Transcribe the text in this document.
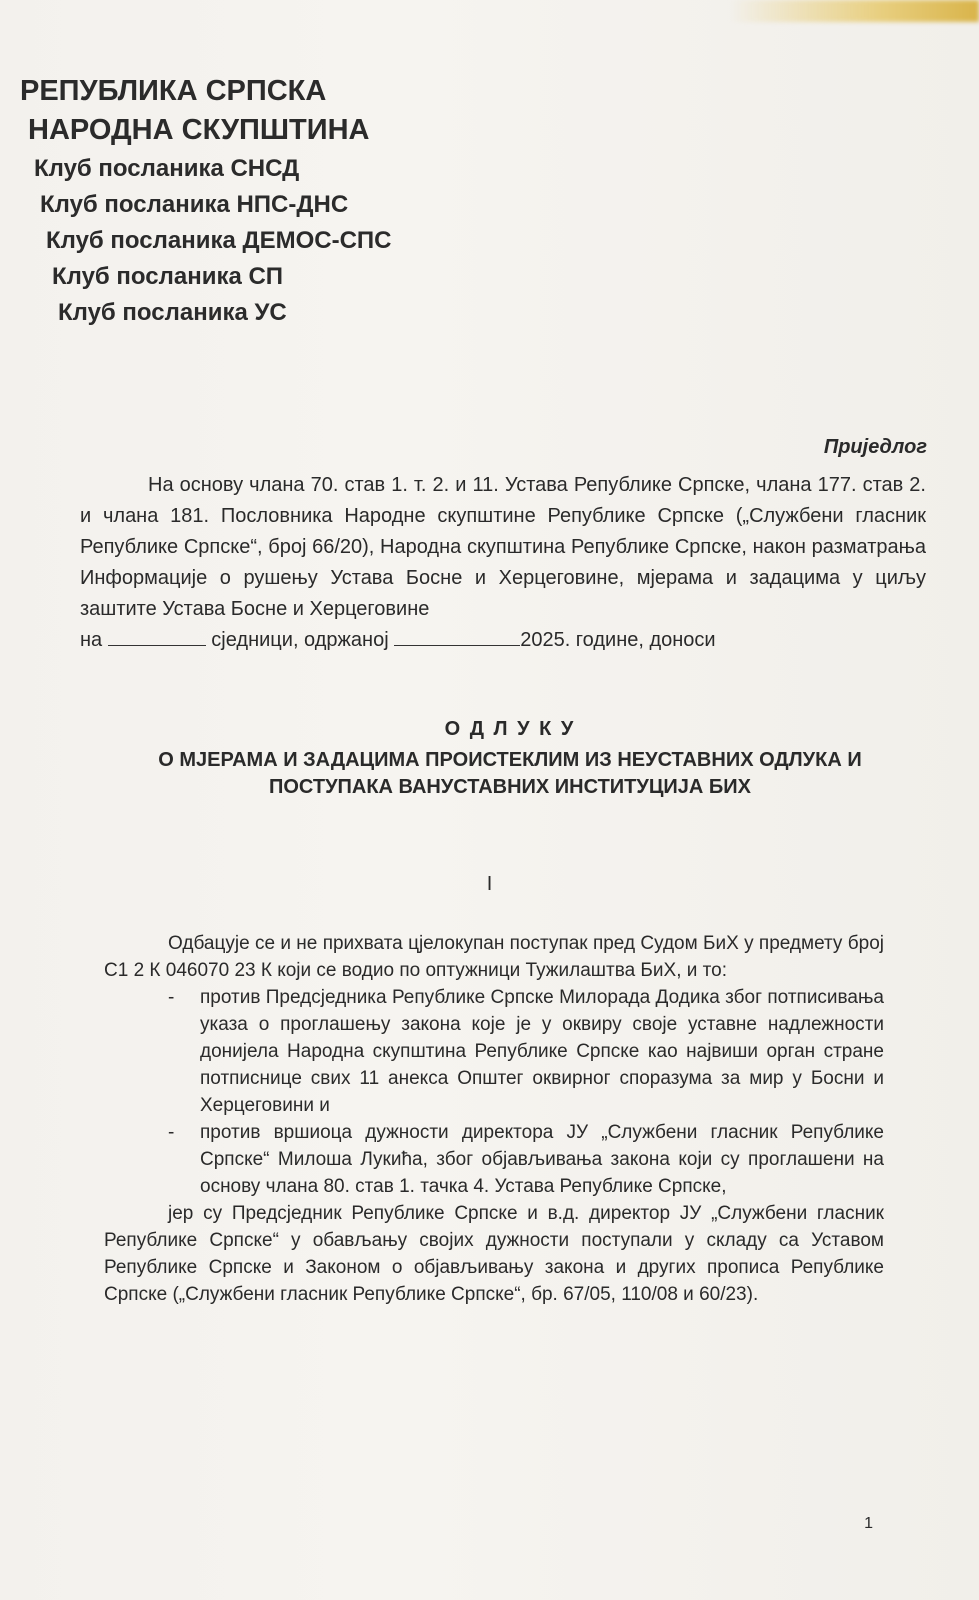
РЕПУБЛИКА СРПСКА
НАРОДНА СКУПШТИНА
Клуб посланика СНСД
Клуб посланика НПС-ДНС
Клуб посланика ДЕМОС-СПС
Клуб посланика СП
Клуб посланика УС
Приједлог

На основу члана 70. став 1. т. 2. и 11. Устава Републике Српске, члана 177. став 2. и члана 181. Пословника Народне скупштине Републике Српске („Службени гласник Републике Српске“, број 66/20), Народна скупштина Републике Српске, након разматрања Информације о рушењу Устава Босне и Херцеговине, мјерама и задацима у циљу заштите Устава Босне и Херцеговине

на	сједници, одржаној	2025. године, доноси

О Д Л У К У
О МЈЕРАМА И ЗАДАЦИМА ПРОИСТЕКЛИМ ИЗ НЕУСТАВНИХ ОДЛУКА И
ПОСТУПАКА ВАНУСТАВНИХ ИНСТИТУЦИЈА БИХ
I

Одбацује се и не прихвата цјелокупан поступак пред Судом БиХ у предмету број С1 2 К 046070 23 К који се водио по оптужници Тужилаштва БиХ, и то:

- против Предсједника Републике Српске Милорада Додика због потписивања указа о проглашењу закона које је у оквиру своје уставне надлежности донијела Народна скупштина Републике Српске као највиши орган стране потписнице свих 11 анекса Општег оквирног споразума за мир у Босни и Херцеговини и

- против вршиоца дужности директора ЈУ „Службени гласник Републике Српске“ Милоша Лукића, због објављивања закона који су проглашени на основу члана 80. став 1. тачка 4. Устава Републике Српске,

јер су Предсједник Републике Српске и в.д. директор ЈУ „Службени гласник Републике Српске“ у обављању својих дужности поступали у складу са Уставом Републике Српске и Законом о објављивању закона и других прописа Републике Српске („Службени гласник Републике Српске“, бр. 67/05, 110/08 и 60/23).

1
